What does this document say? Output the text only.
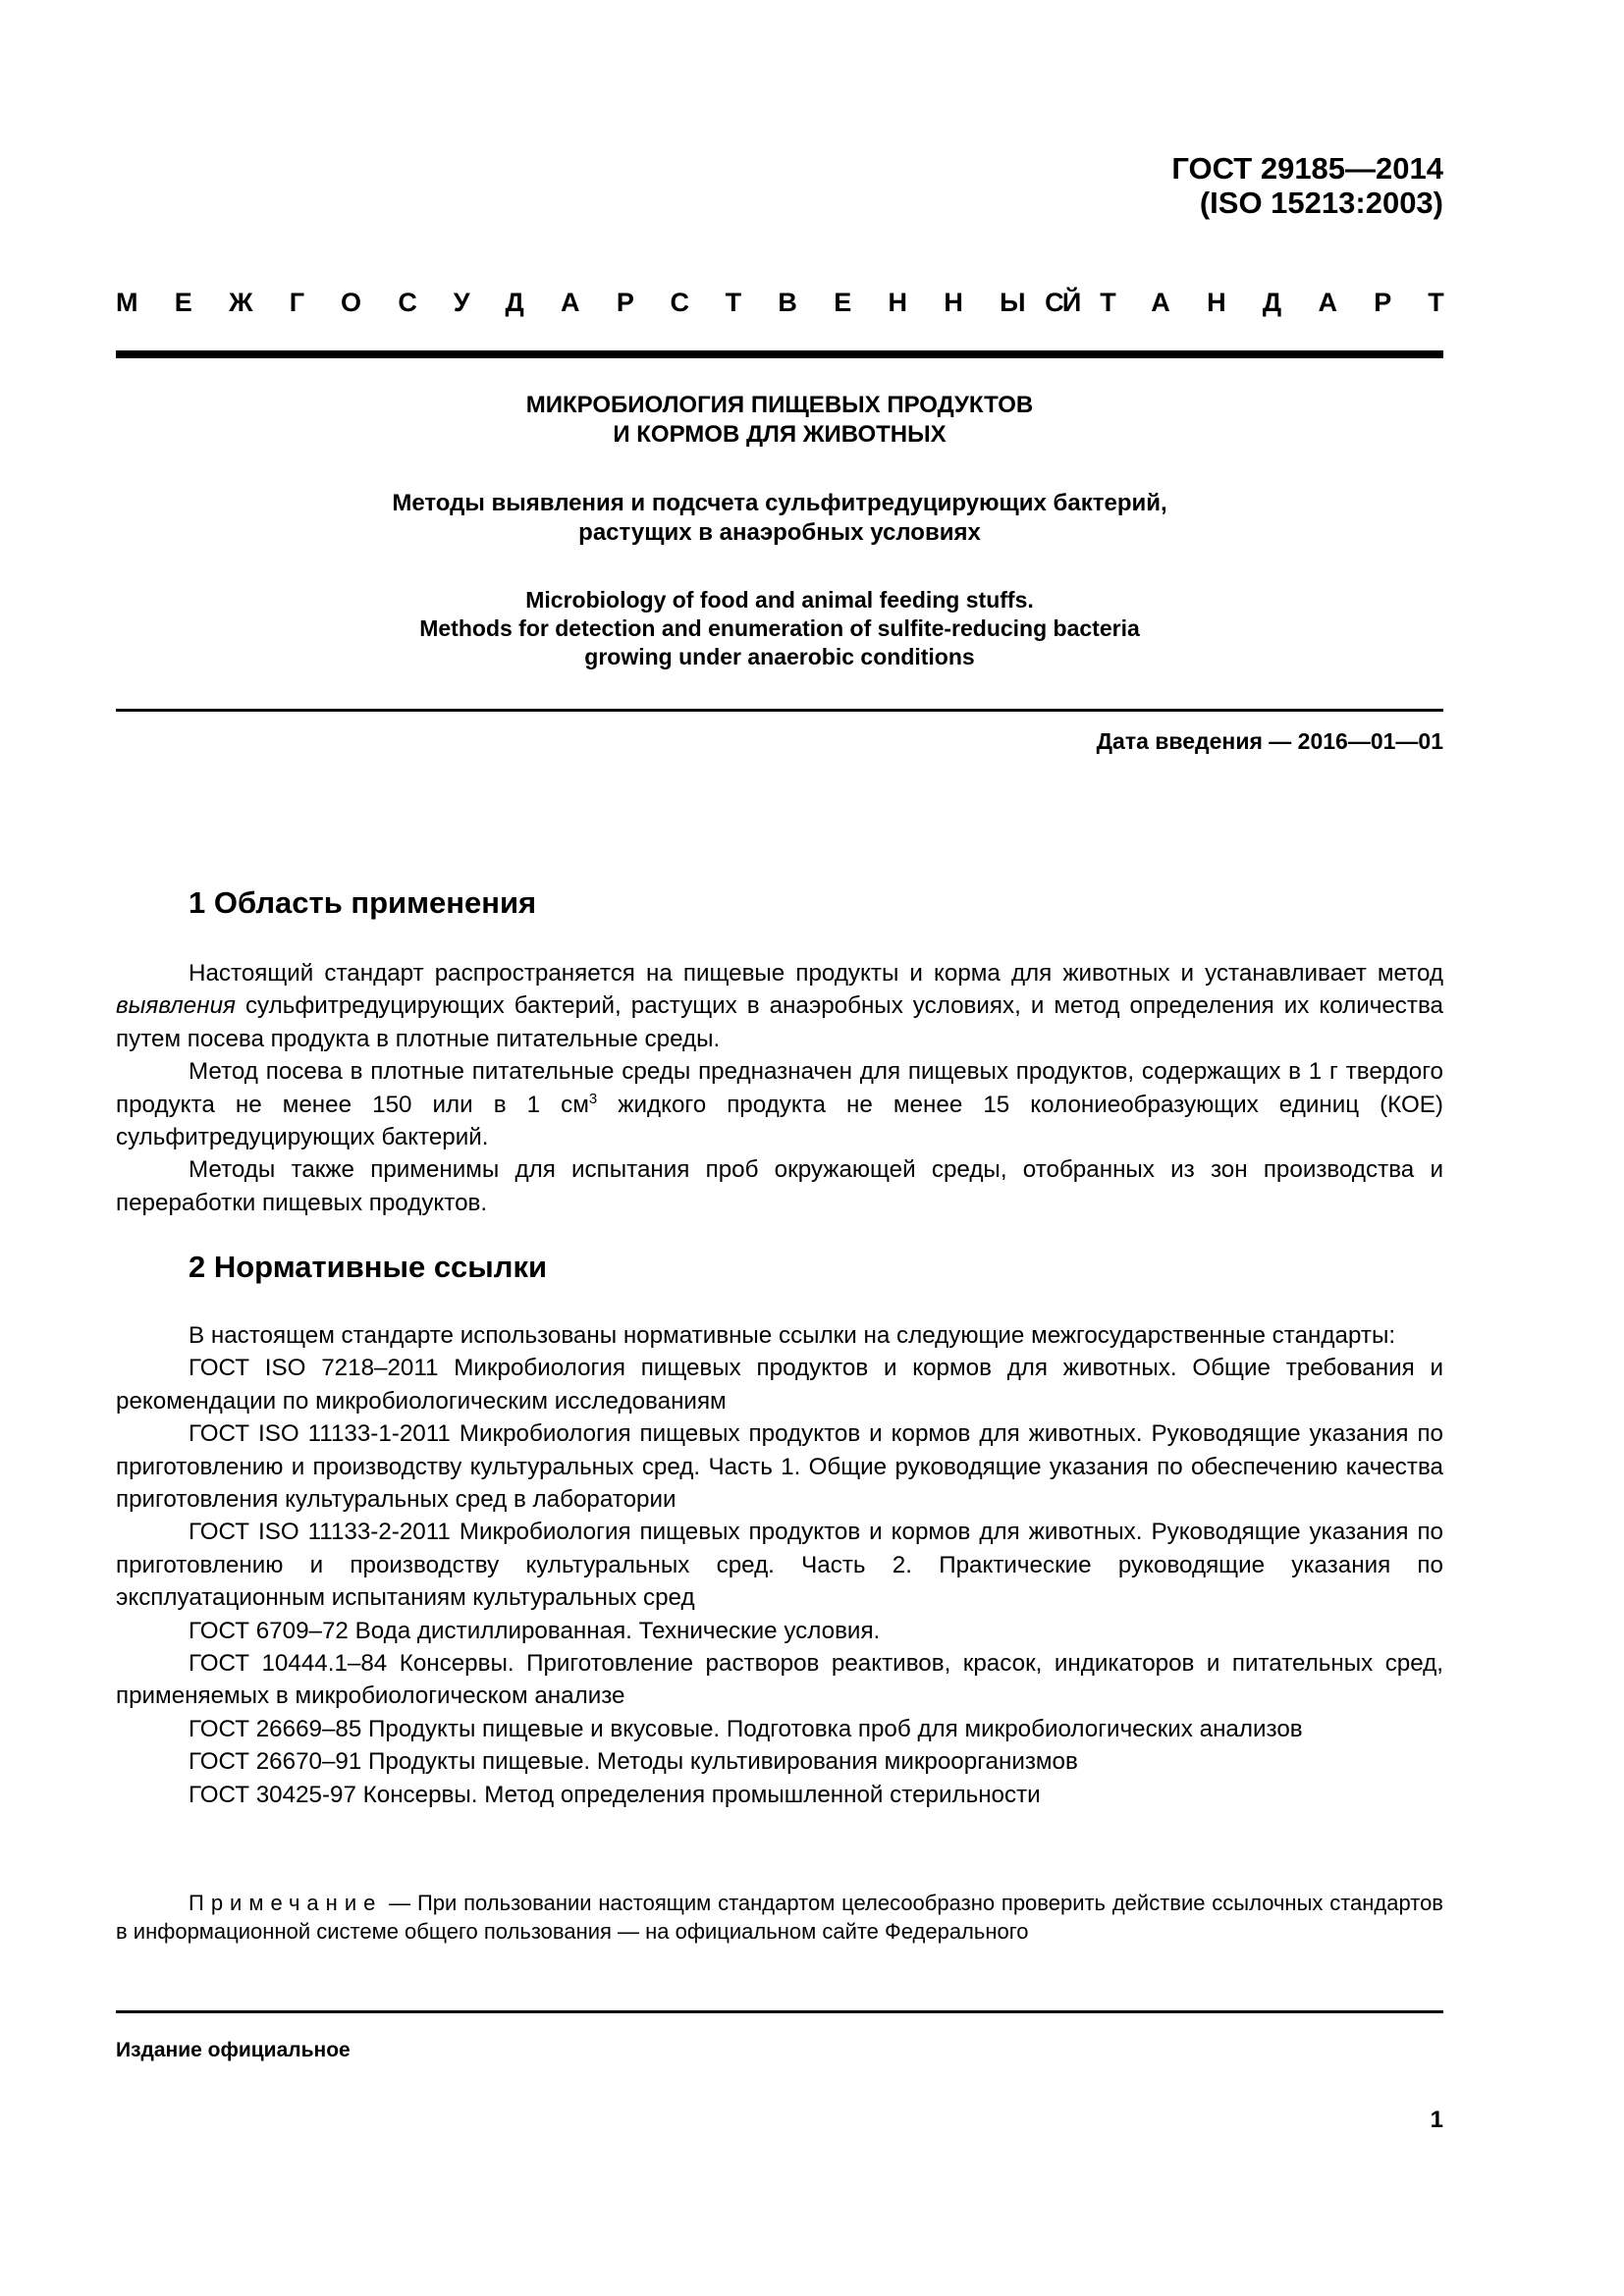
ГОСТ 29185—2014
(ISO 15213:2003)
МЕЖГОСУДАРСТВЕННЫЙ
СТАНДАРТ

МИКРОБИОЛОГИЯ ПИЩЕВЫХ ПРОДУКТОВ
И КОРМОВ ДЛЯ ЖИВОТНЫХ

Методы выявления и подсчета сульфитредуцирующих бактерий,
растущих в анаэробных условиях

Microbiology of food and animal feeding stuffs.
Methods for detection and enumeration of sulfite-reducing bacteria
growing under anaerobic conditions

Дата введения — 2016—01—01
1 Область применения

Настоящий стандарт распространяется на пищевые продукты и корма для животных и устанавливает метод выявления сульфитредуцирующих бактерий, растущих в анаэробных условиях, и метод определения их количества путем посева продукта в плотные питательные среды.

Метод посева в плотные питательные среды предназначен для пищевых продуктов, содержащих в 1 г твердого продукта не менее 150 или в 1 $см^3$ жидкого продукта не менее 15 колониеобразующих единиц (КОЕ) сульфитредуцирующих бактерий.

Методы также применимы для испытания проб окружающей среды, отобранных из зон производства и переработки пищевых продуктов.

2 Нормативные ссылки

В настоящем стандарте использованы нормативные ссылки на следующие межгосударственные стандарты:

ГОСТ ISO 7218–2011 Микробиология пищевых продуктов и кормов для животных. Общие требования и рекомендации по микробиологическим исследованиям

ГОСТ ISO 11133-1-2011 Микробиология пищевых продуктов и кормов для животных. Руководящие указания по приготовлению и производству культуральных сред. Часть 1. Общие руководящие указания по обеспечению качества приготовления культуральных сред в лаборатории

ГОСТ ISO 11133-2-2011 Микробиология пищевых продуктов и кормов для животных. Руководящие указания по приготовлению и производству культуральных сред. Часть 2. Практические руководящие указания по эксплуатационным испытаниям культуральных сред

ГОСТ 6709–72 Вода дистиллированная. Технические условия.

ГОСТ 10444.1–84 Консервы. Приготовление растворов реактивов, красок, индикаторов и питательных сред, применяемых в микробиологическом анализе

ГОСТ 26669–85 Продукты пищевые и вкусовые. Подготовка проб для микробиологических анализов

ГОСТ 26670–91 Продукты пищевые. Методы культивирования микроорганизмов

ГОСТ 30425-97 Консервы. Метод определения промышленной стерильности

Примечание — При пользовании настоящим стандартом целесообразно проверить действие ссылочных стандартов в информационной системе общего пользования — на официальном сайте Федерального

Издание официальное
1
